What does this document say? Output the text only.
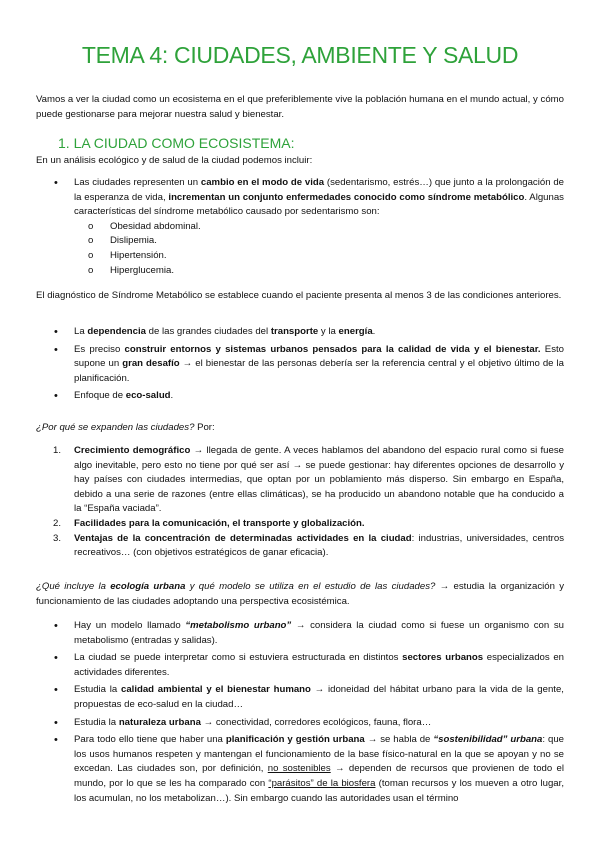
TEMA 4: CIUDADES, AMBIENTE Y SALUD

Vamos a ver la ciudad como un ecosistema en el que preferiblemente vive la población humana en el mundo actual, y cómo puede gestionarse para mejorar nuestra salud y bienestar.

1. LA CIUDAD COMO ECOSISTEMA:

En un análisis ecológico y de salud de la ciudad podemos incluir:

• Las ciudades representen un cambio en el modo de vida (sedentarismo, estrés…) que junto a la prolongación de la esperanza de vida, incrementan un conjunto enfermedades conocido como síndrome metabólico. Algunas características del síndrome metabólico causado por sedentarismo son:
o Obesidad abdominal.
o Dislipemia.
o Hipertensión.
o Hiperglucemia.

El diagnóstico de Síndrome Metabólico se establece cuando el paciente presenta al menos 3 de las condiciones anteriores.

• La dependencia de las grandes ciudades del transporte y la energía.
• Es preciso construir entornos y sistemas urbanos pensados para la calidad de vida y el bienestar. Esto supone un gran desafío → el bienestar de las personas debería ser la referencia central y el objetivo último de la planificación.
• Enfoque de eco-salud.

¿Por qué se expanden las ciudades? Por:

1. Crecimiento demográfico → llegada de gente. A veces hablamos del abandono del espacio rural como si fuese algo inevitable, pero esto no tiene por qué ser así → se puede gestionar: hay diferentes opciones de desarrollo y hay países con ciudades intermedias, que optan por un poblamiento más disperso. Sin embargo en España, debido a una serie de razones (entre ellas climáticas), se ha producido un abandono notable que ha conducido a la “España vaciada”.
2. Facilidades para la comunicación, el transporte y globalización.
3. Ventajas de la concentración de determinadas actividades en la ciudad: industrias, universidades, centros recreativos… (con objetivos estratégicos de ganar eficacia).

¿Qué incluye la ecología urbana y qué modelo se utiliza en el estudio de las ciudades? → estudia la organización y funcionamiento de las ciudades adoptando una perspectiva ecosistémica.

• Hay un modelo llamado “metabolismo urbano” → considera la ciudad como si fuese un organismo con su metabolismo (entradas y salidas).
• La ciudad se puede interpretar como si estuviera estructurada en distintos sectores urbanos especializados en actividades diferentes.
• Estudia la calidad ambiental y el bienestar humano → idoneidad del hábitat urbano para la vida de la gente, propuestas de eco-salud en la ciudad…
• Estudia la naturaleza urbana → conectividad, corredores ecológicos, fauna, flora…
• Para todo ello tiene que haber una planificación y gestión urbana → se habla de “sostenibilidad” urbana: que los usos humanos respeten y mantengan el funcionamiento de la base físico-natural en la que se apoyan y no se excedan. Las ciudades son, por definición, no sostenibles → dependen de recursos que provienen de todo el mundo, por lo que se les ha comparado con “parásitos” de la biosfera (toman recursos y los mueven a otro lugar, los acumulan, no los metabolizan…). Sin embargo cuando las autoridades usan el término
